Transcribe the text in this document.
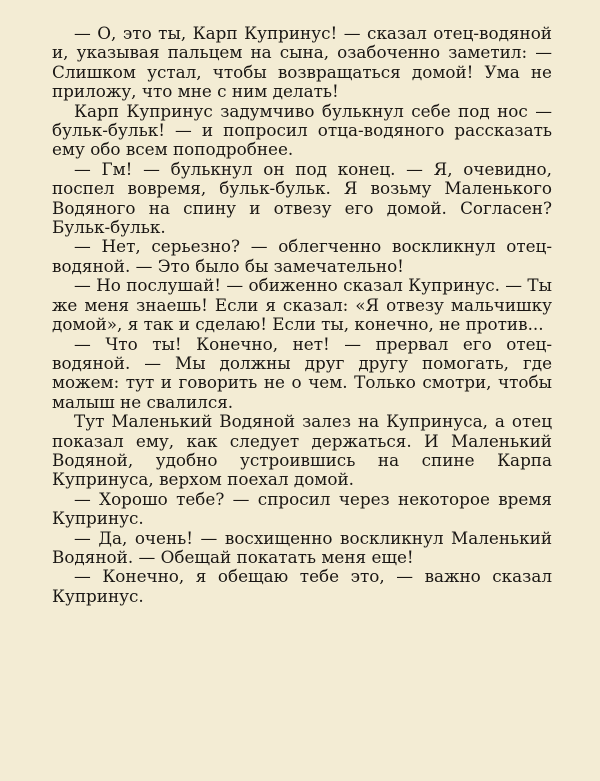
— О, это ты, Карп Купринус! — сказал отец-водяной и, указывая пальцем на сына, озабоченно заметил: — Слишком устал, чтобы возвращаться домой! Ума не приложу, что мне с ним делать!

Карп Купринус задумчиво булькнул себе под нос — бульк-бульк! — и попросил отца-водяного рассказать ему обо всем поподробнее.

— Гм! — булькнул он под конец. — Я, очевидно, поспел вовремя, бульк-бульк. Я возьму Маленького Водяного на спину и отвезу его домой. Согласен? Бульк-бульк.

— Нет, серьезно? — облегченно воскликнул отец-водяной. — Это было бы замечательно!

— Но послушай! — обиженно сказал Купринус. — Ты же меня знаешь! Если я сказал: «Я отвезу мальчишку домой», я так и сделаю! Если ты, конечно, не против...

— Что ты! Конечно, нет! — прервал его отец-водяной. — Мы должны друг другу помогать, где можем: тут и говорить не о чем. Только смотри, чтобы малыш не свалился.

Тут Маленький Водяной залез на Купринуса, а отец показал ему, как следует держаться. И Маленький Водяной, удобно устроившись на спине Карпа Купринуса, верхом поехал домой.

— Хорошо тебе? — спросил через некоторое время Купринус.

— Да, очень! — восхищенно воскликнул Маленький Водяной. — Обещай покатать меня еще!

— Конечно, я обещаю тебе это, — важно сказал Купринус.
